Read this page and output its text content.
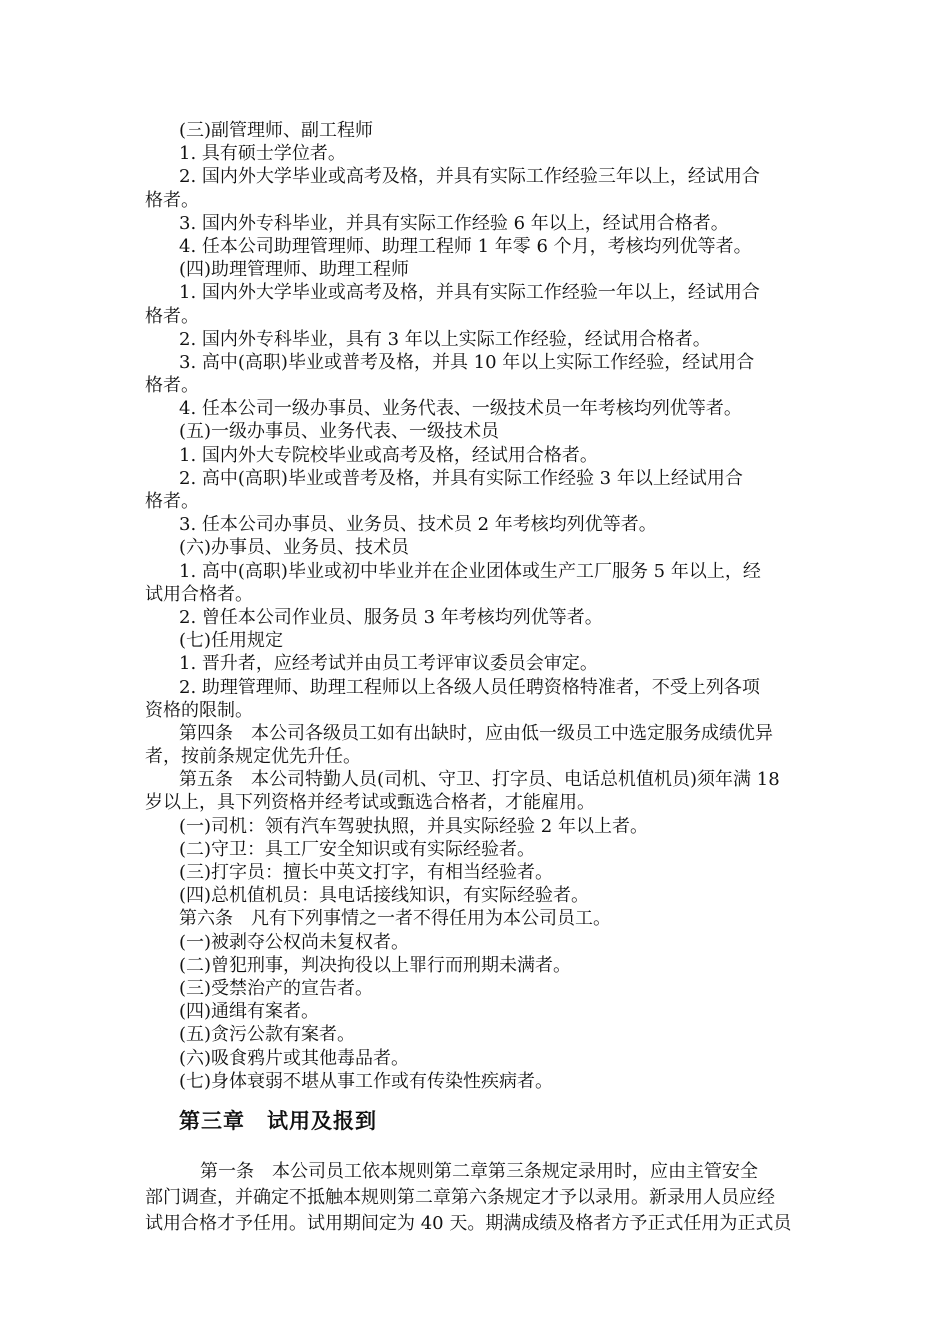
(三)副管理师、副工程师
1. 具有硕士学位者。
2. 国内外大学毕业或高考及格，并具有实际工作经验三年以上，经试用合
格者。
3. 国内外专科毕业，并具有实际工作经验 6 年以上，经试用合格者。
4. 任本公司助理管理师、助理工程师 1 年零 6 个月，考核均列优等者。
(四)助理管理师、助理工程师
1. 国内外大学毕业或高考及格，并具有实际工作经验一年以上，经试用合
格者。
2. 国内外专科毕业，具有 3 年以上实际工作经验，经试用合格者。
3. 高中(高职)毕业或普考及格，并具 10 年以上实际工作经验，经试用合
格者。
4. 任本公司一级办事员、业务代表、一级技术员一年考核均列优等者。
(五)一级办事员、业务代表、一级技术员
1. 国内外大专院校毕业或高考及格，经试用合格者。
2. 高中(高职)毕业或普考及格，并具有实际工作经验 3 年以上经试用合
格者。
3. 任本公司办事员、业务员、技术员 2 年考核均列优等者。
(六)办事员、业务员、技术员
1. 高中(高职)毕业或初中毕业并在企业团体或生产工厂服务 5 年以上，经
试用合格者。
2. 曾任本公司作业员、服务员 3 年考核均列优等者。
(七)任用规定
1. 晋升者，应经考试并由员工考评审议委员会审定。
2. 助理管理师、助理工程师以上各级人员任聘资格特准者，不受上列各项
资格的限制。
第四条　本公司各级员工如有出缺时，应由低一级员工中选定服务成绩优异
者，按前条规定优先升任。
第五条　本公司特勤人员(司机、守卫、打字员、电话总机值机员)须年满 18
岁以上，具下列资格并经考试或甄选合格者，才能雇用。
(一)司机：领有汽车驾驶执照，并具实际经验 2 年以上者。
(二)守卫：具工厂安全知识或有实际经验者。
(三)打字员：擅长中英文打字，有相当经验者。
(四)总机值机员：具电话接线知识，有实际经验者。
第六条　凡有下列事情之一者不得任用为本公司员工。
(一)被剥夺公权尚未复权者。
(二)曾犯刑事，判决拘役以上罪行而刑期未满者。
(三)受禁治产的宣告者。
(四)通缉有案者。
(五)贪污公款有案者。
(六)吸食鸦片或其他毒品者。
(七)身体衰弱不堪从事工作或有传染性疾病者。
第三章　试用及报到
第一条　本公司员工依本规则第二章第三条规定录用时，应由主管安全
部门调查，并确定不抵触本规则第二章第六条规定才予以录用。新录用人员应经
试用合格才予任用。试用期间定为 40 天。期满成绩及格者方予正式任用为正式员
